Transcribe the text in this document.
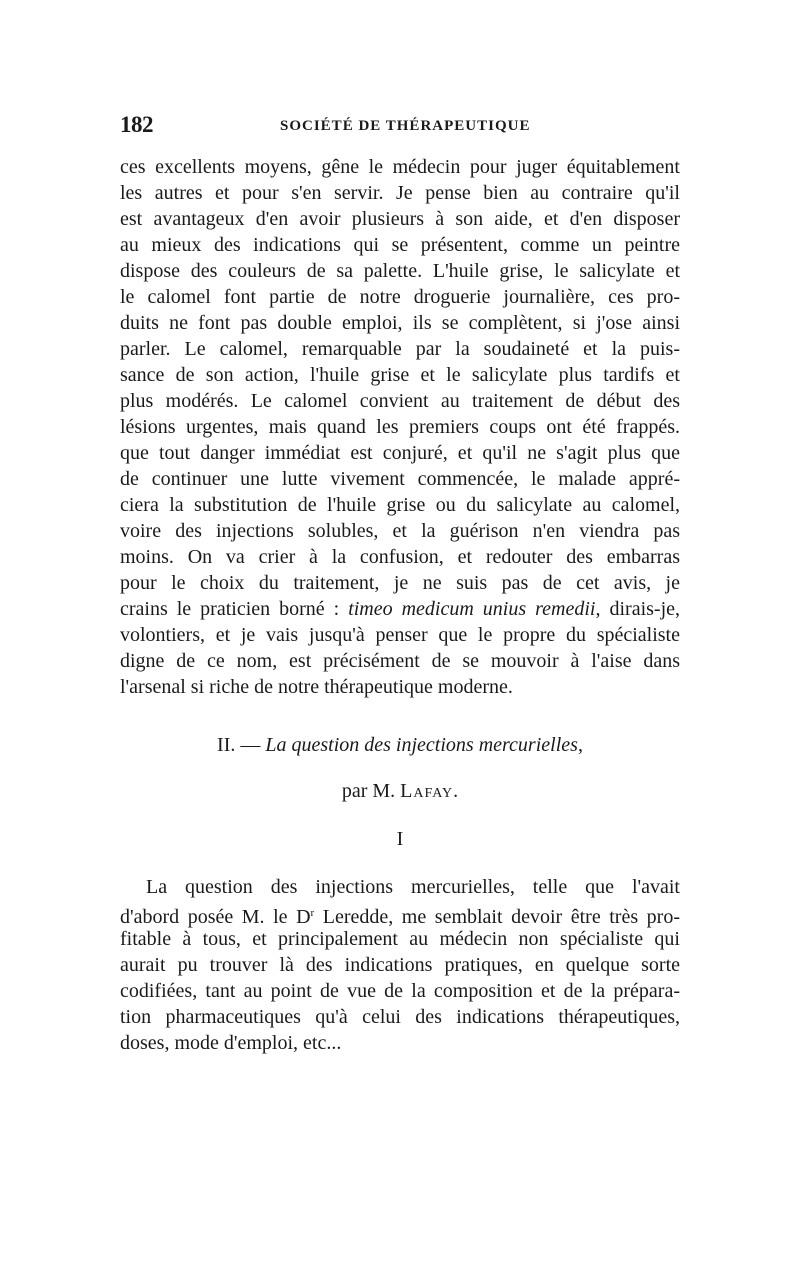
182	SOCIÉTÉ DE THÉRAPEUTIQUE
ces excellents moyens, gêne le médecin pour juger équitablement
les autres et pour s'en servir. Je pense bien au contraire qu'il
est avantageux d'en avoir plusieurs à son aide, et d'en disposer
au mieux des indications qui se présentent, comme un peintre
dispose des couleurs de sa palette. L'huile grise, le salicylate et
le calomel font partie de notre droguerie journalière, ces pro-
duits ne font pas double emploi, ils se complètent, si j'ose ainsi
parler. Le calomel, remarquable par la soudaineté et la puis-
sance de son action, l'huile grise et le salicylate plus tardifs et
plus modérés. Le calomel convient au traitement de début des
lésions urgentes, mais quand les premiers coups ont été frappés.
que tout danger immédiat est conjuré, et qu'il ne s'agit plus que
de continuer une lutte vivement commencée, le malade appré-
ciera la substitution de l'huile grise ou du salicylate au calomel,
voire des injections solubles, et la guérison n'en viendra pas
moins. On va crier à la confusion, et redouter des embarras
pour le choix du traitement, je ne suis pas de cet avis, je
crains le praticien borné : timeo medicum unius remedii, dirais-je,
volontiers, et je vais jusqu'à penser que le propre du spécialiste
digne de ce nom, est précisément de se mouvoir à l'aise dans
l'arsenal si riche de notre thérapeutique moderne.
II. — La question des injections mercurielles,
par M. Lafay.
I
La question des injections mercurielles, telle que l'avait
d'abord posée M. le $D^r$ Leredde, me semblait devoir être très pro-
fitable à tous, et principalement au médecin non spécialiste qui
aurait pu trouver là des indications pratiques, en quelque sorte
codifiées, tant au point de vue de la composition et de la prépara-
tion pharmaceutiques qu'à celui des indications thérapeutiques,
doses, mode d'emploi, etc...
